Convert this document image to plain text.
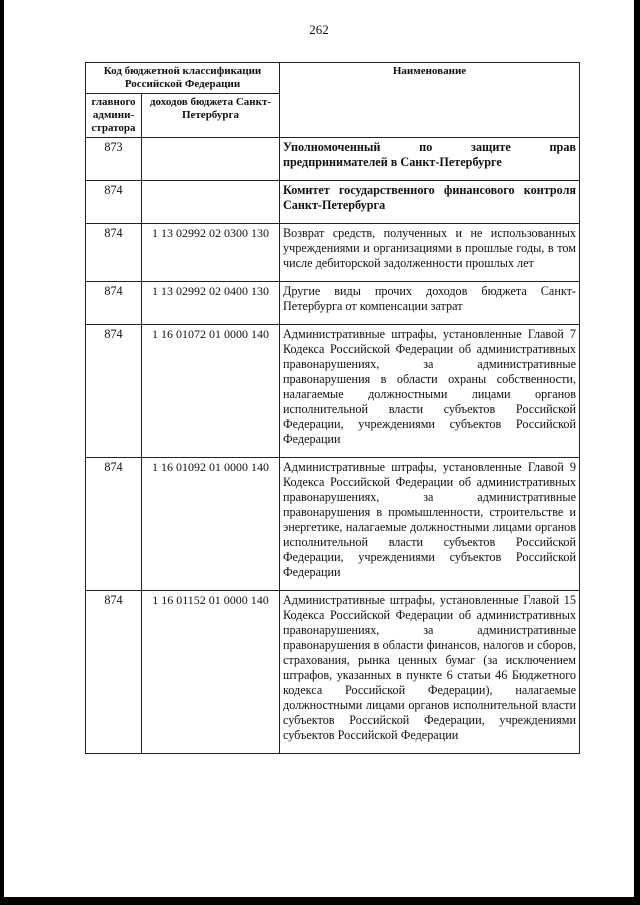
262
Код бюджетной классификации Российской Федерации		Наименование
главного админи-стратора	доходов бюджета Санкт-Петербурга	
873		Уполномоченный по защите прав предпринимателей в Санкт-Петербурге
874		Комитет государственного финансового контроля Санкт-Петербурга
874	1 13 02992 02 0300 130	Возврат средств, полученных и не использованных учреждениями и организациями в прошлые годы, в том числе дебиторской задолженности прошлых лет
874	1 13 02992 02 0400 130	Другие виды прочих доходов бюджета Санкт-Петербурга от компенсации затрат
874	1 16 01072 01 0000 140	Административные штрафы, установленные Главой 7 Кодекса Российской Федерации об административных правонарушениях, за административные правонарушения в области охраны собственности, налагаемые должностными лицами органов исполнительной власти субъектов Российской Федерации, учреждениями субъектов Российской Федерации
874	1 16 01092 01 0000 140	Административные штрафы, установленные Главой 9 Кодекса Российской Федерации об административных правонарушениях, за административные правонарушения в промышленности, строительстве и энергетике, налагаемые должностными лицами органов исполнительной власти субъектов Российской Федерации, учреждениями субъектов Российской Федерации
874	1 16 01152 01 0000 140	Административные штрафы, установленные Главой 15 Кодекса Российской Федерации об административных правонарушениях, за административные правонарушения в области финансов, налогов и сборов, страхования, рынка ценных бумаг (за исключением штрафов, указанных в пункте 6 статьи 46 Бюджетного кодекса Российской Федерации), налагаемые должностными лицами органов исполнительной власти субъектов Российской Федерации, учреждениями субъектов Российской Федерации
